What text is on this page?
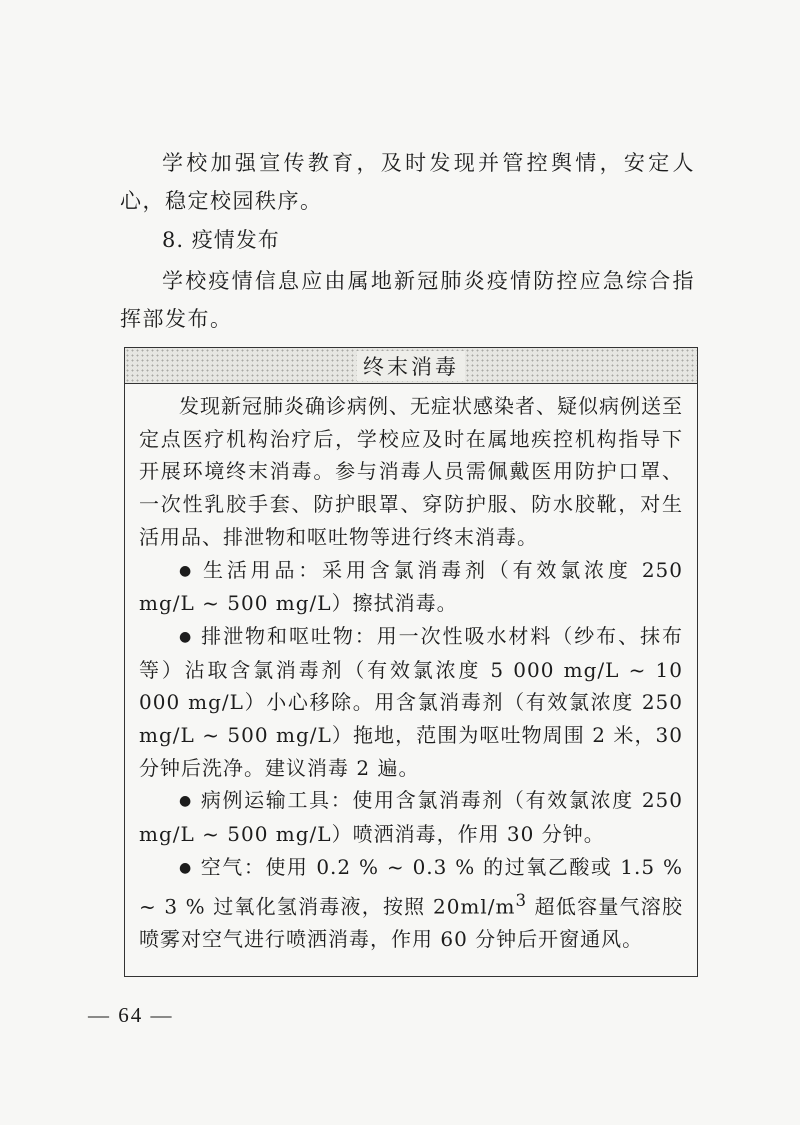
学校加强宣传教育，及时发现并管控舆情，安定人心，稳定校园秩序。

8. 疫情发布

学校疫情信息应由属地新冠肺炎疫情防控应急综合指挥部发布。

终末消毒

发现新冠肺炎确诊病例、无症状感染者、疑似病例送至定点医疗机构治疗后，学校应及时在属地疾控机构指导下开展环境终末消毒。参与消毒人员需佩戴医用防护口罩、一次性乳胶手套、防护眼罩、穿防护服、防水胶靴，对生活用品、排泄物和呕吐物等进行终末消毒。

● 生活用品：采用含氯消毒剂（有效氯浓度 250 mg/L ~ 500 mg/L）擦拭消毒。

● 排泄物和呕吐物：用一次性吸水材料（纱布、抹布等）沾取含氯消毒剂（有效氯浓度 5 000 mg/L ~ 10 000 mg/L）小心移除。用含氯消毒剂（有效氯浓度 250 mg/L ~ 500 mg/L）拖地，范围为呕吐物周围 2 米，30 分钟后洗净。建议消毒 2 遍。

● 病例运输工具：使用含氯消毒剂（有效氯浓度 250 mg/L ~ 500 mg/L）喷洒消毒，作用 30 分钟。

● 空气：使用 0.2 % ~ 0.3 % 的过氧乙酸或 1.5 % ~ 3 % 过氧化氢消毒液，按照 $20ml/m^3$ 超低容量气溶胶喷雾对空气进行喷洒消毒，作用 60 分钟后开窗通风。

— 64 —
